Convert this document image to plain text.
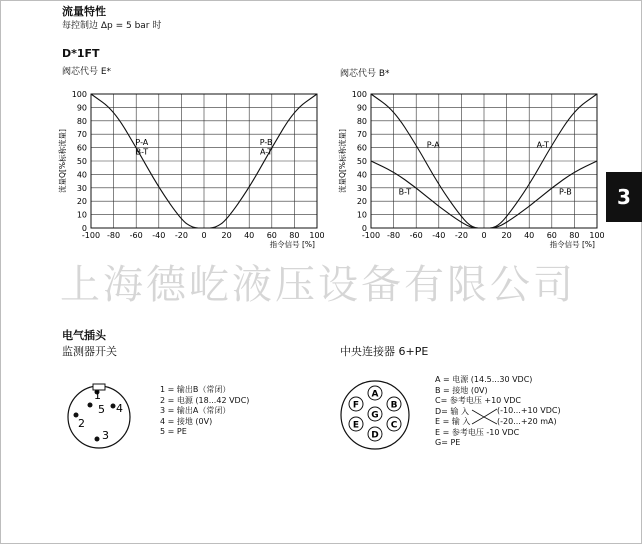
流量特性
每控制边 Δp = 5 bar 时
D*1FT
阀芯代号 E*	阀芯代号 B*
-100 -80 -60 -40 -20 0 20 40 60 80 100
0
10
20
30
40
50
60
70
80
90
100
P-A
B-T
P-B
A-T
指令信号 [%]
流量Q[%标称流量]
-100 -80 -60 -40 -20 0 20 40 60 80 100
0
10
20
30
40
50
60
70
80
90
100
P-A
B-T
A-T
P-B
指令信号 [%]
流量Q[%标称流量]
3
上海德屹液压设备有限公司
电气插头
监测器开关	中央连接器 6+PE
1
2
3
4
5
1 = 输出B（常闭）
2 = 电源 (18...42 VDC)
3 = 输出A（常闭）
4 = 接地 (0V)
5 = PE
A
B
C
D
E
F
G
A = 电源 (14.5...30 VDC)
B = 接地 (0V)
C= 参考电压 +10 VDC
D= 输 入
E = 输 入
E = 参考电压 -10 VDC
G= PE
(-10...+10 VDC)
(-20...+20 mA)
